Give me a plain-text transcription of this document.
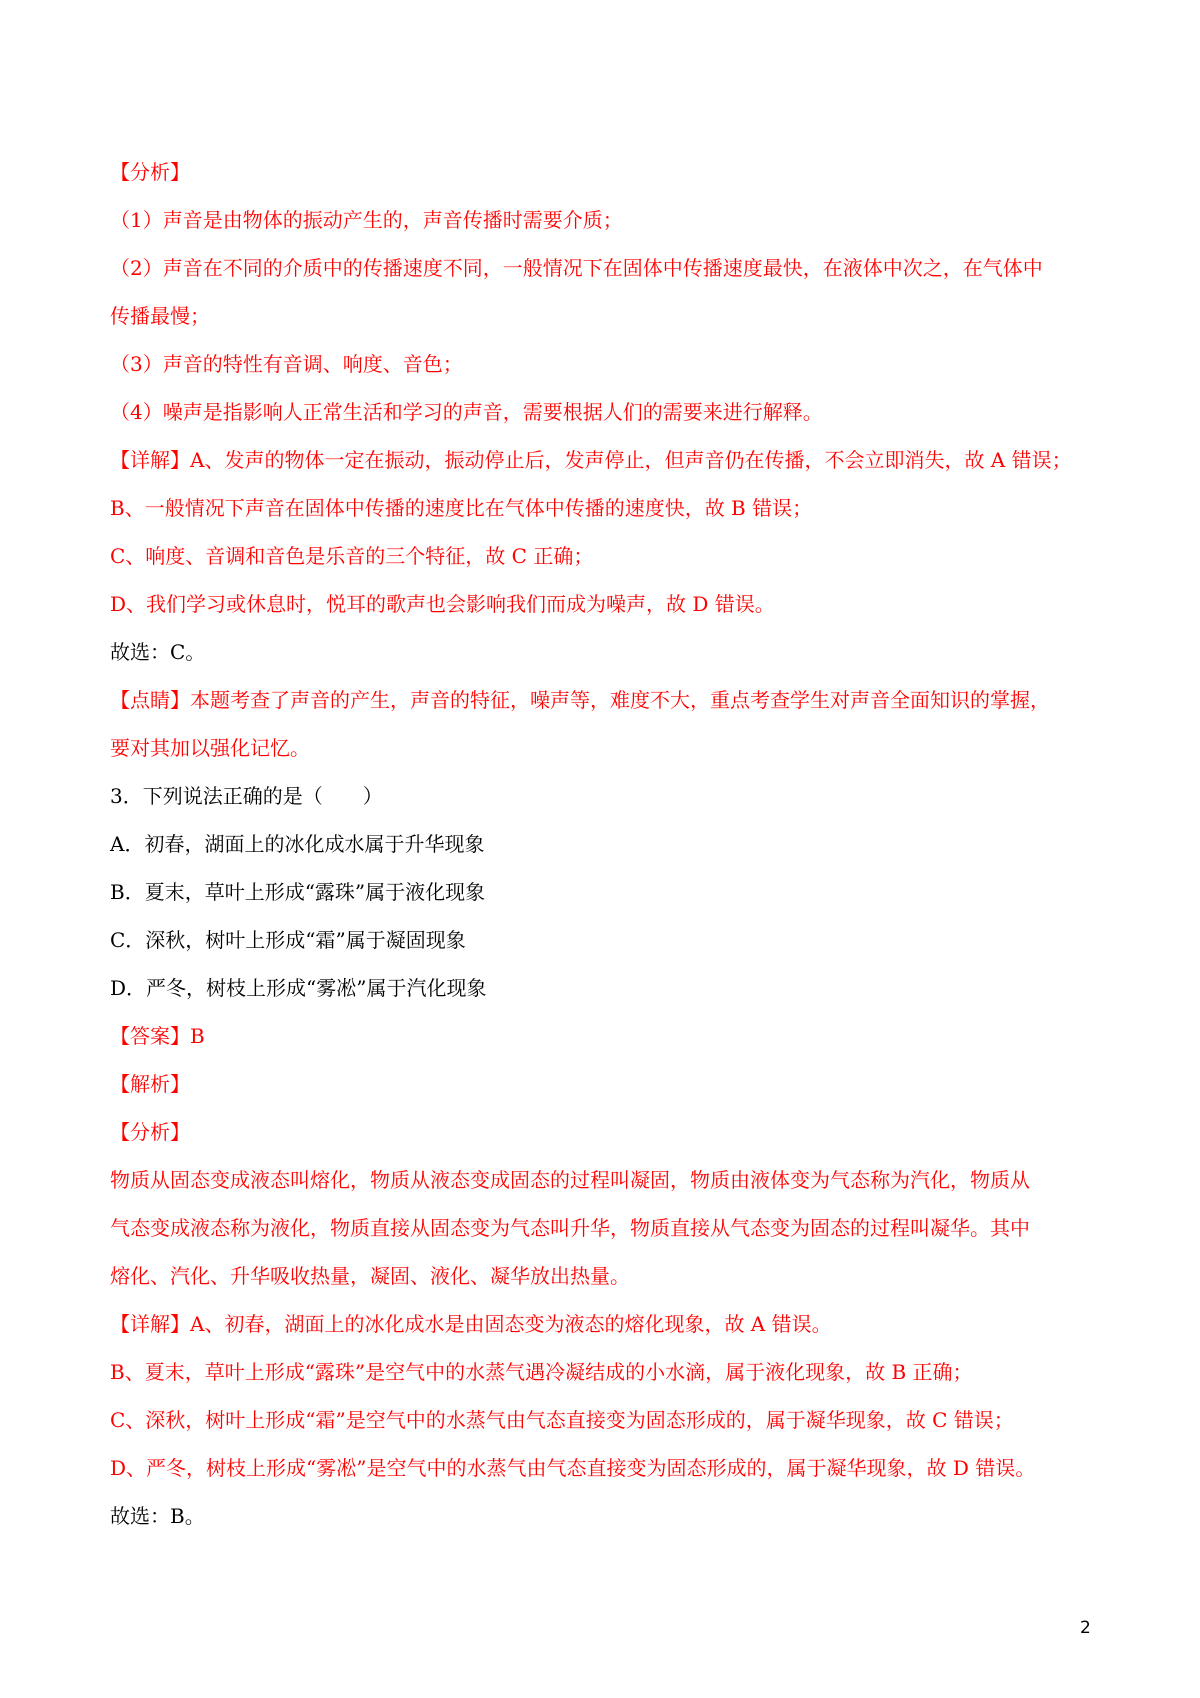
【分析】
（1）声音是由物体的振动产生的，声音传播时需要介质；
（2）声音在不同的介质中的传播速度不同，一般情况下在固体中传播速度最快，在液体中次之，在气体中
传播最慢；
（3）声音的特性有音调、响度、音色；
（4）噪声是指影响人正常生活和学习的声音，需要根据人们的需要来进行解释。
【详解】A、发声的物体一定在振动，振动停止后，发声停止，但声音仍在传播，不会立即消失，故 A 错误；
B、一般情况下声音在固体中传播的速度比在气体中传播的速度快，故 B 错误；
C、响度、音调和音色是乐音的三个特征，故 C 正确；
D、我们学习或休息时，悦耳的歌声也会影响我们而成为噪声，故 D 错误。
故选：C。
【点睛】本题考查了声音的产生，声音的特征，噪声等，难度不大，重点考查学生对声音全面知识的掌握，
要对其加以强化记忆。
3．下列说法正确的是（　　）
A．初春，湖面上的冰化成水属于升华现象
B．夏末，草叶上形成“露珠”属于液化现象
C．深秋，树叶上形成“霜”属于凝固现象
D．严冬，树枝上形成“雾凇”属于汽化现象
【答案】B
【解析】
【分析】
物质从固态变成液态叫熔化，物质从液态变成固态的过程叫凝固，物质由液体变为气态称为汽化，物质从
气态变成液态称为液化，物质直接从固态变为气态叫升华，物质直接从气态变为固态的过程叫凝华。其中
熔化、汽化、升华吸收热量，凝固、液化、凝华放出热量。
【详解】A、初春，湖面上的冰化成水是由固态变为液态的熔化现象，故 A 错误。
B、夏末，草叶上形成“露珠”是空气中的水蒸气遇冷凝结成的小水滴，属于液化现象，故 B 正确；
C、深秋，树叶上形成“霜”是空气中的水蒸气由气态直接变为固态形成的，属于凝华现象，故 C 错误；
D、严冬，树枝上形成“雾凇”是空气中的水蒸气由气态直接变为固态形成的，属于凝华现象，故 D 错误。
故选：B。
2
